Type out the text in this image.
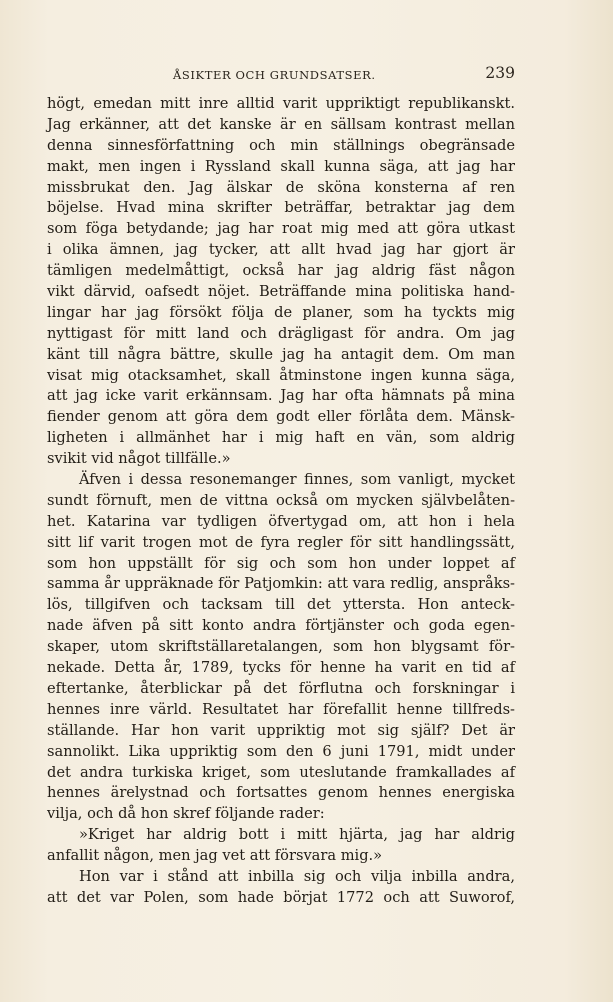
ÅSIKTER OCH GRUNDSATSER.	239
högt, emedan mitt inre alltid varit uppriktigt republikanskt.
Jag erkänner, att det kanske är en sällsam kontrast mellan
denna sinnesförfattning och min ställnings obegränsade
makt, men ingen i Ryssland skall kunna säga, att jag har
missbrukat den. Jag älskar de sköna konsterna af ren
böjelse. Hvad mina skrifter beträffar, betraktar jag dem
som föga betydande; jag har roat mig med att göra utkast
i olika ämnen, jag tycker, att allt hvad jag har gjort är
tämligen medelmåttigt, också har jag aldrig fäst någon
vikt därvid, oafsedt nöjet. Beträffande mina politiska hand-
lingar har jag försökt följa de planer, som ha tyckts mig
nyttigast för mitt land och drägligast för andra. Om jag
känt till några bättre, skulle jag ha antagit dem. Om man
visat mig otacksamhet, skall åtminstone ingen kunna säga,
att jag icke varit erkännsam. Jag har ofta hämnats på mina
fiender genom att göra dem godt eller förlåta dem. Mänsk-
ligheten i allmänhet har i mig haft en vän, som aldrig
svikit vid något tillfälle.»
Äfven i dessa resonemanger finnes, som vanligt, mycket
sundt förnuft, men de vittna också om mycken självbelåten-
het. Katarina var tydligen öfvertygad om, att hon i hela
sitt lif varit trogen mot de fyra regler för sitt handlingssätt,
som hon uppställt för sig och som hon under loppet af
samma år uppräknade för Patjomkin: att vara redlig, anspråks-
lös, tillgifven och tacksam till det yttersta. Hon anteck-
nade äfven på sitt konto andra förtjänster och goda egen-
skaper, utom skriftställaretalangen, som hon blygsamt för-
nekade. Detta år, 1789, tycks för henne ha varit en tid af
eftertanke, återblickar på det förflutna och forskningar i
hennes inre värld. Resultatet har förefallit henne tillfreds-
ställande. Har hon varit uppriktig mot sig själf? Det är
sannolikt. Lika uppriktig som den 6 juni 1791, midt under
det andra turkiska kriget, som uteslutande framkallades af
hennes ärelystnad och fortsattes genom hennes energiska
vilja, och då hon skref följande rader:
»Kriget har aldrig bott i mitt hjärta, jag har aldrig
anfallit någon, men jag vet att försvara mig.»
Hon var i stånd att inbilla sig och vilja inbilla andra,
att det var Polen, som hade börjat 1772 och att Suworof,
